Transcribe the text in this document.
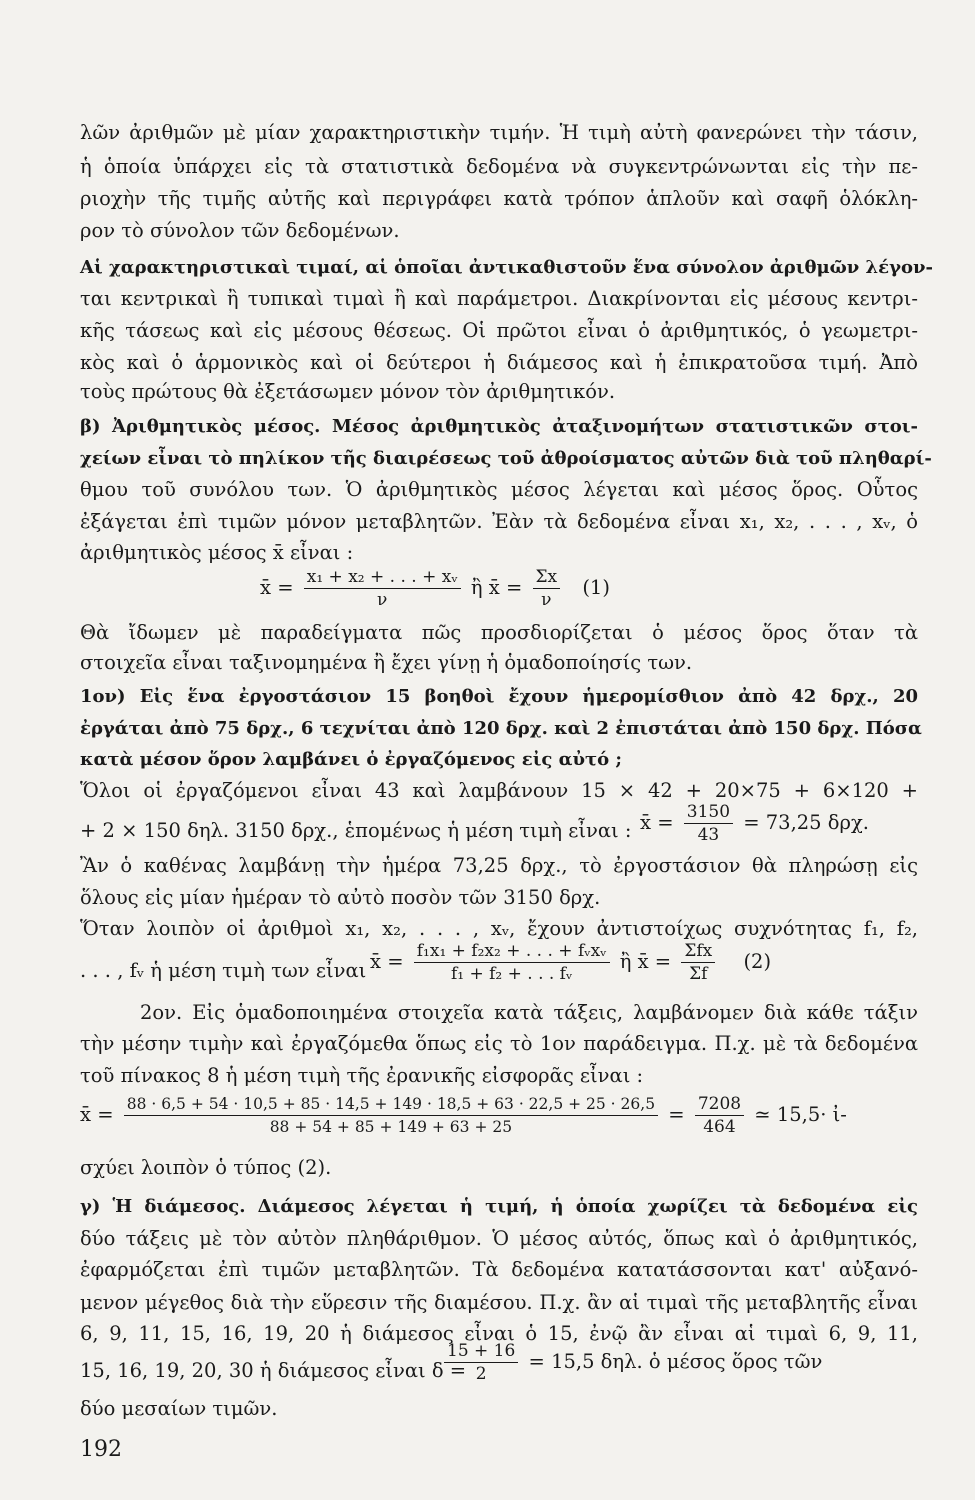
λῶν ἀριθμῶν μὲ μίαν χαρακτηριστικὴν τιμήν. Ἡ τιμὴ αὐτὴ φανερώνει τὴν τάσιν,
ἡ ὁποία ὑπάρχει εἰς τὰ στατιστικὰ δεδομένα νὰ συγκεντρώνωνται εἰς τὴν πε-
ριοχὴν τῆς τιμῆς αὐτῆς καὶ περιγράφει κατὰ τρόπον ἁπλοῦν καὶ σαφῆ ὁλόκλη-
ρον τὸ σύνολον τῶν δεδομένων.
Αἱ χαρακτηριστικαὶ τιμαί, αἱ ὁποῖαι ἀντικαθιστοῦν ἕνα σύνολον ἀριθμῶν λέγον-
ται κεντρικαὶ ἢ τυπικαὶ τιμαὶ ἢ καὶ παράμετροι. Διακρίνονται εἰς μέσους κεντρι-
κῆς τάσεως καὶ εἰς μέσους θέσεως. Οἱ πρῶτοι εἶναι ὁ ἀριθμητικός, ὁ γεωμετρι-
κὸς καὶ ὁ ἁρμονικὸς καὶ οἱ δεύτεροι ἡ διάμεσος καὶ ἡ ἐπικρατοῦσα τιμή. Ἀπὸ
τοὺς πρώτους θὰ ἐξετάσωμεν μόνον τὸν ἀριθμητικόν.
β) Ἀριθμητικὸς μέσος. Μέσος ἀριθμητικὸς ἀταξινομήτων στατιστικῶν στοι-
χείων εἶναι τὸ πηλίκον τῆς διαιρέσεως τοῦ ἀθροίσματος αὐτῶν διὰ τοῦ πληθαρί-
θμου τοῦ συνόλου των. Ὁ ἀριθμητικὸς μέσος λέγεται καὶ μέσος ὅρος. Οὗτος
ἐξάγεται ἐπὶ τιμῶν μόνον μεταβλητῶν. Ἐὰν τὰ δεδομένα εἶναι x₁, x₂, . . . , xᵥ, ὁ
ἀριθμητικὸς μέσος x̄ εἶναι :
x̄ = $\frac{\text{x₁ + x₂ + . . . + xᵥ}}{\nu}$ ἢ x̄ = $\frac{\Sigma x}{\nu} (1)$
Θὰ ἴδωμεν μὲ παραδείγματα πῶς προσδιορίζεται ὁ μέσος ὅρος ὅταν τὰ
στοιχεῖα εἶναι ταξινομημένα ἢ ἔχει γίνῃ ἡ ὁμαδοποίησίς των.
1ον) Εἰς ἕνα ἐργοστάσιον 15 βοηθοὶ ἔχουν ἡμερομίσθιον ἀπὸ 42 δρχ., 20
ἐργάται ἀπὸ 75 δρχ., 6 τεχνίται ἀπὸ 120 δρχ. καὶ 2 ἐπιστάται ἀπὸ 150 δρχ. Πόσα
κατὰ μέσον ὅρον λαμβάνει ὁ ἐργαζόμενος εἰς αὐτό ;
Ὅλοι οἱ ἐργαζόμενοι εἶναι 43 καὶ λαμβάνουν 15 × 42 + 20×75 + 6×120 +
+ 2 × 150 δηλ. 3150 δρχ., ἑπομένως ἡ μέση τιμὴ εἶναι : x̄ = $\frac{3150}{43} = 73,25$ δρχ.
Ἂν ὁ καθένας λαμβάνῃ τὴν ἡμέρα 73,25 δρχ., τὸ ἐργοστάσιον θὰ πληρώσῃ εἰς
ὅλους εἰς μίαν ἡμέραν τὸ αὐτὸ ποσὸν τῶν 3150 δρχ.
Ὅταν λοιπὸν οἱ ἀριθμοὶ x₁, x₂, . . . , xᵥ, ἔχουν ἀντιστοίχως συχνότητας f₁, f₂,
. . . , fᵥ ἡ μέση τιμὴ των εἶναι x̄ = $\frac{\text{f₁x₁ + f₂x₂ + . . . + fᵥxᵥ}}{\text{f₁ + f₂ + . . . fᵥ}}$ ἢ x̄ = $\frac{\text{Σfx}}{\Sigma f} (2)$
2ον. Εἰς ὁμαδοποιημένα στοιχεῖα κατὰ τάξεις, λαμβάνομεν διὰ κάθε τάξιν
τὴν μέσην τιμὴν καὶ ἐργαζόμεθα ὅπως εἰς τὸ 1ον παράδειγμα. Π.χ. μὲ τὰ δεδομένα
τοῦ πίνακος 8 ἡ μέση τιμὴ τῆς ἐρανικῆς εἰσφορᾶς εἶναι :
x̄ = 88 · 6,5 + 54 · 10,5 + 85 · 14,5 + 149 · 18,5 + 63 · 22,5 + 25 · 26,5
88 + 54 + 85 + 149 + 63 + 25
= $\frac{7208}{464}$ ≃ 15,5· ἰ-
σχύει λοιπὸν ὁ τύπος (2).
γ) Ἡ διάμεσος. Διάμεσος λέγεται ἡ τιμή, ἡ ὁποία χωρίζει τὰ δεδομένα εἰς
δύο τάξεις μὲ τὸν αὐτὸν πληθάριθμον. Ὁ μέσος αὐτός, ὅπως καὶ ὁ ἀριθμητικός,
ἐφαρμόζεται ἐπὶ τιμῶν μεταβλητῶν. Τὰ δεδομένα κατατάσσονται κατ' αὐξανό-
μενον μέγεθος διὰ τὴν εὕρεσιν τῆς διαμέσου. Π.χ. ἂν αἱ τιμαὶ τῆς μεταβλητῆς εἶναι
6, 9, 11, 15, 16, 19, 20 ἡ διάμεσος εἶναι ὁ 15, ἐνῷ ἂν εἶναι αἱ τιμαὶ 6, 9, 11,
15, 16, 19, 20, 30 ἡ διάμεσος εἶναι δ =
$\frac{15 + 16}{2} = 15,5$ δηλ. ὁ μέσος ὅρος τῶν
δύο μεσαίων τιμῶν.
192
